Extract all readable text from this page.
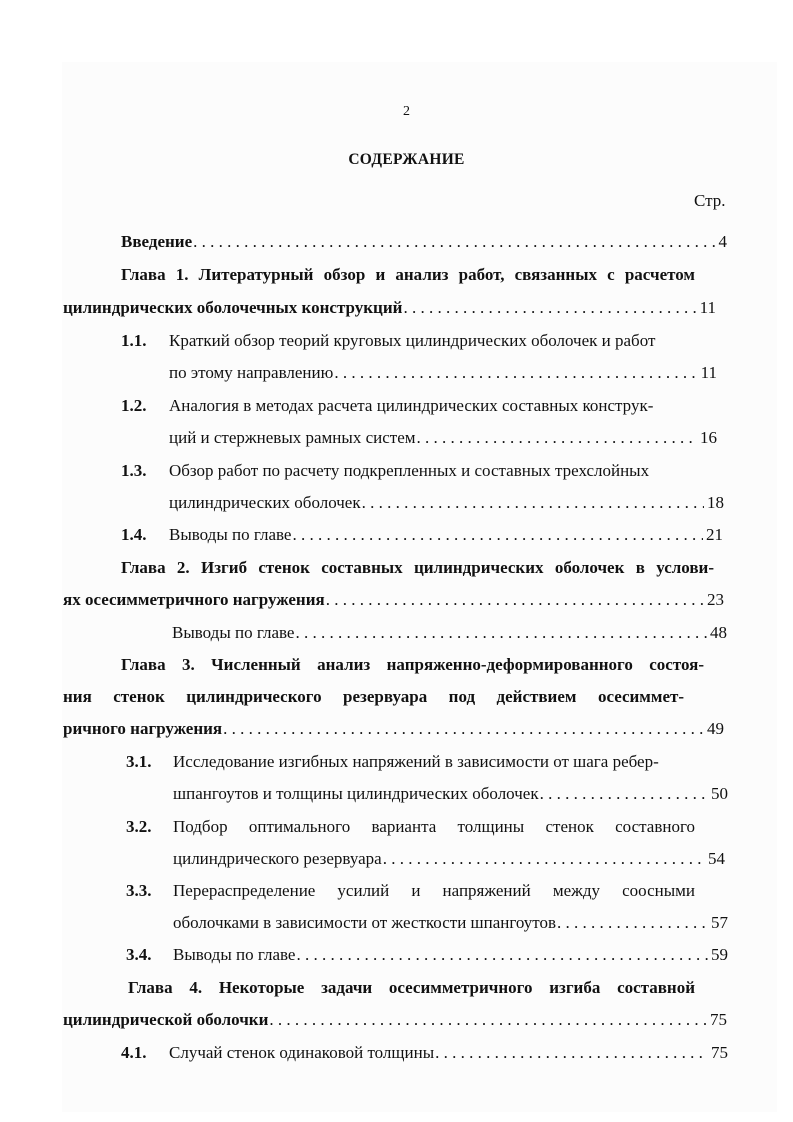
2
СОДЕРЖАНИЕ
Стр.
Введение . . .	4
Глава 1. Литературный обзор и анализ работ, связанных с расчетом
цилиндрических оболочечных конструкций . . .	11
1.1.	Краткий обзор теорий круговых цилиндрических оболочек и работ
по этому направлению . . .	11
1.2.	Аналогия в методах расчета цилиндрических составных конструк-
ций и стержневых рамных систем . . .	16
1.3.	Обзор работ по расчету подкрепленных и составных трехслойных
цилиндрических оболочек . . .	18
1.4.	Выводы по главе . . .	21
Глава 2. Изгиб стенок составных цилиндрических оболочек в услови-
ях осесимметричного нагружения . . .	23
Выводы по главе . . .	48
Глава 3. Численный анализ напряженно-деформированного состоя-
ния стенок цилиндрического резервуара под действием осесиммет-
ричного нагружения . . .	49
3.1.	Исследование изгибных напряжений в зависимости от шага ребер-
шпангоутов и толщины цилиндрических оболочек . . .	50
3.2.	Подбор оптимального варианта толщины стенок составного
цилиндрического резервуара . . .	54
3.3.	Перераспределение усилий и напряжений между соосными
оболочками в зависимости от жесткости шпангоутов . . .	57
3.4.	Выводы по главе . . .	59
Глава 4. Некоторые задачи осесимметричного изгиба составной
цилиндрической оболочки . . .	75
4.1.	Случай стенок одинаковой толщины . . .	75
